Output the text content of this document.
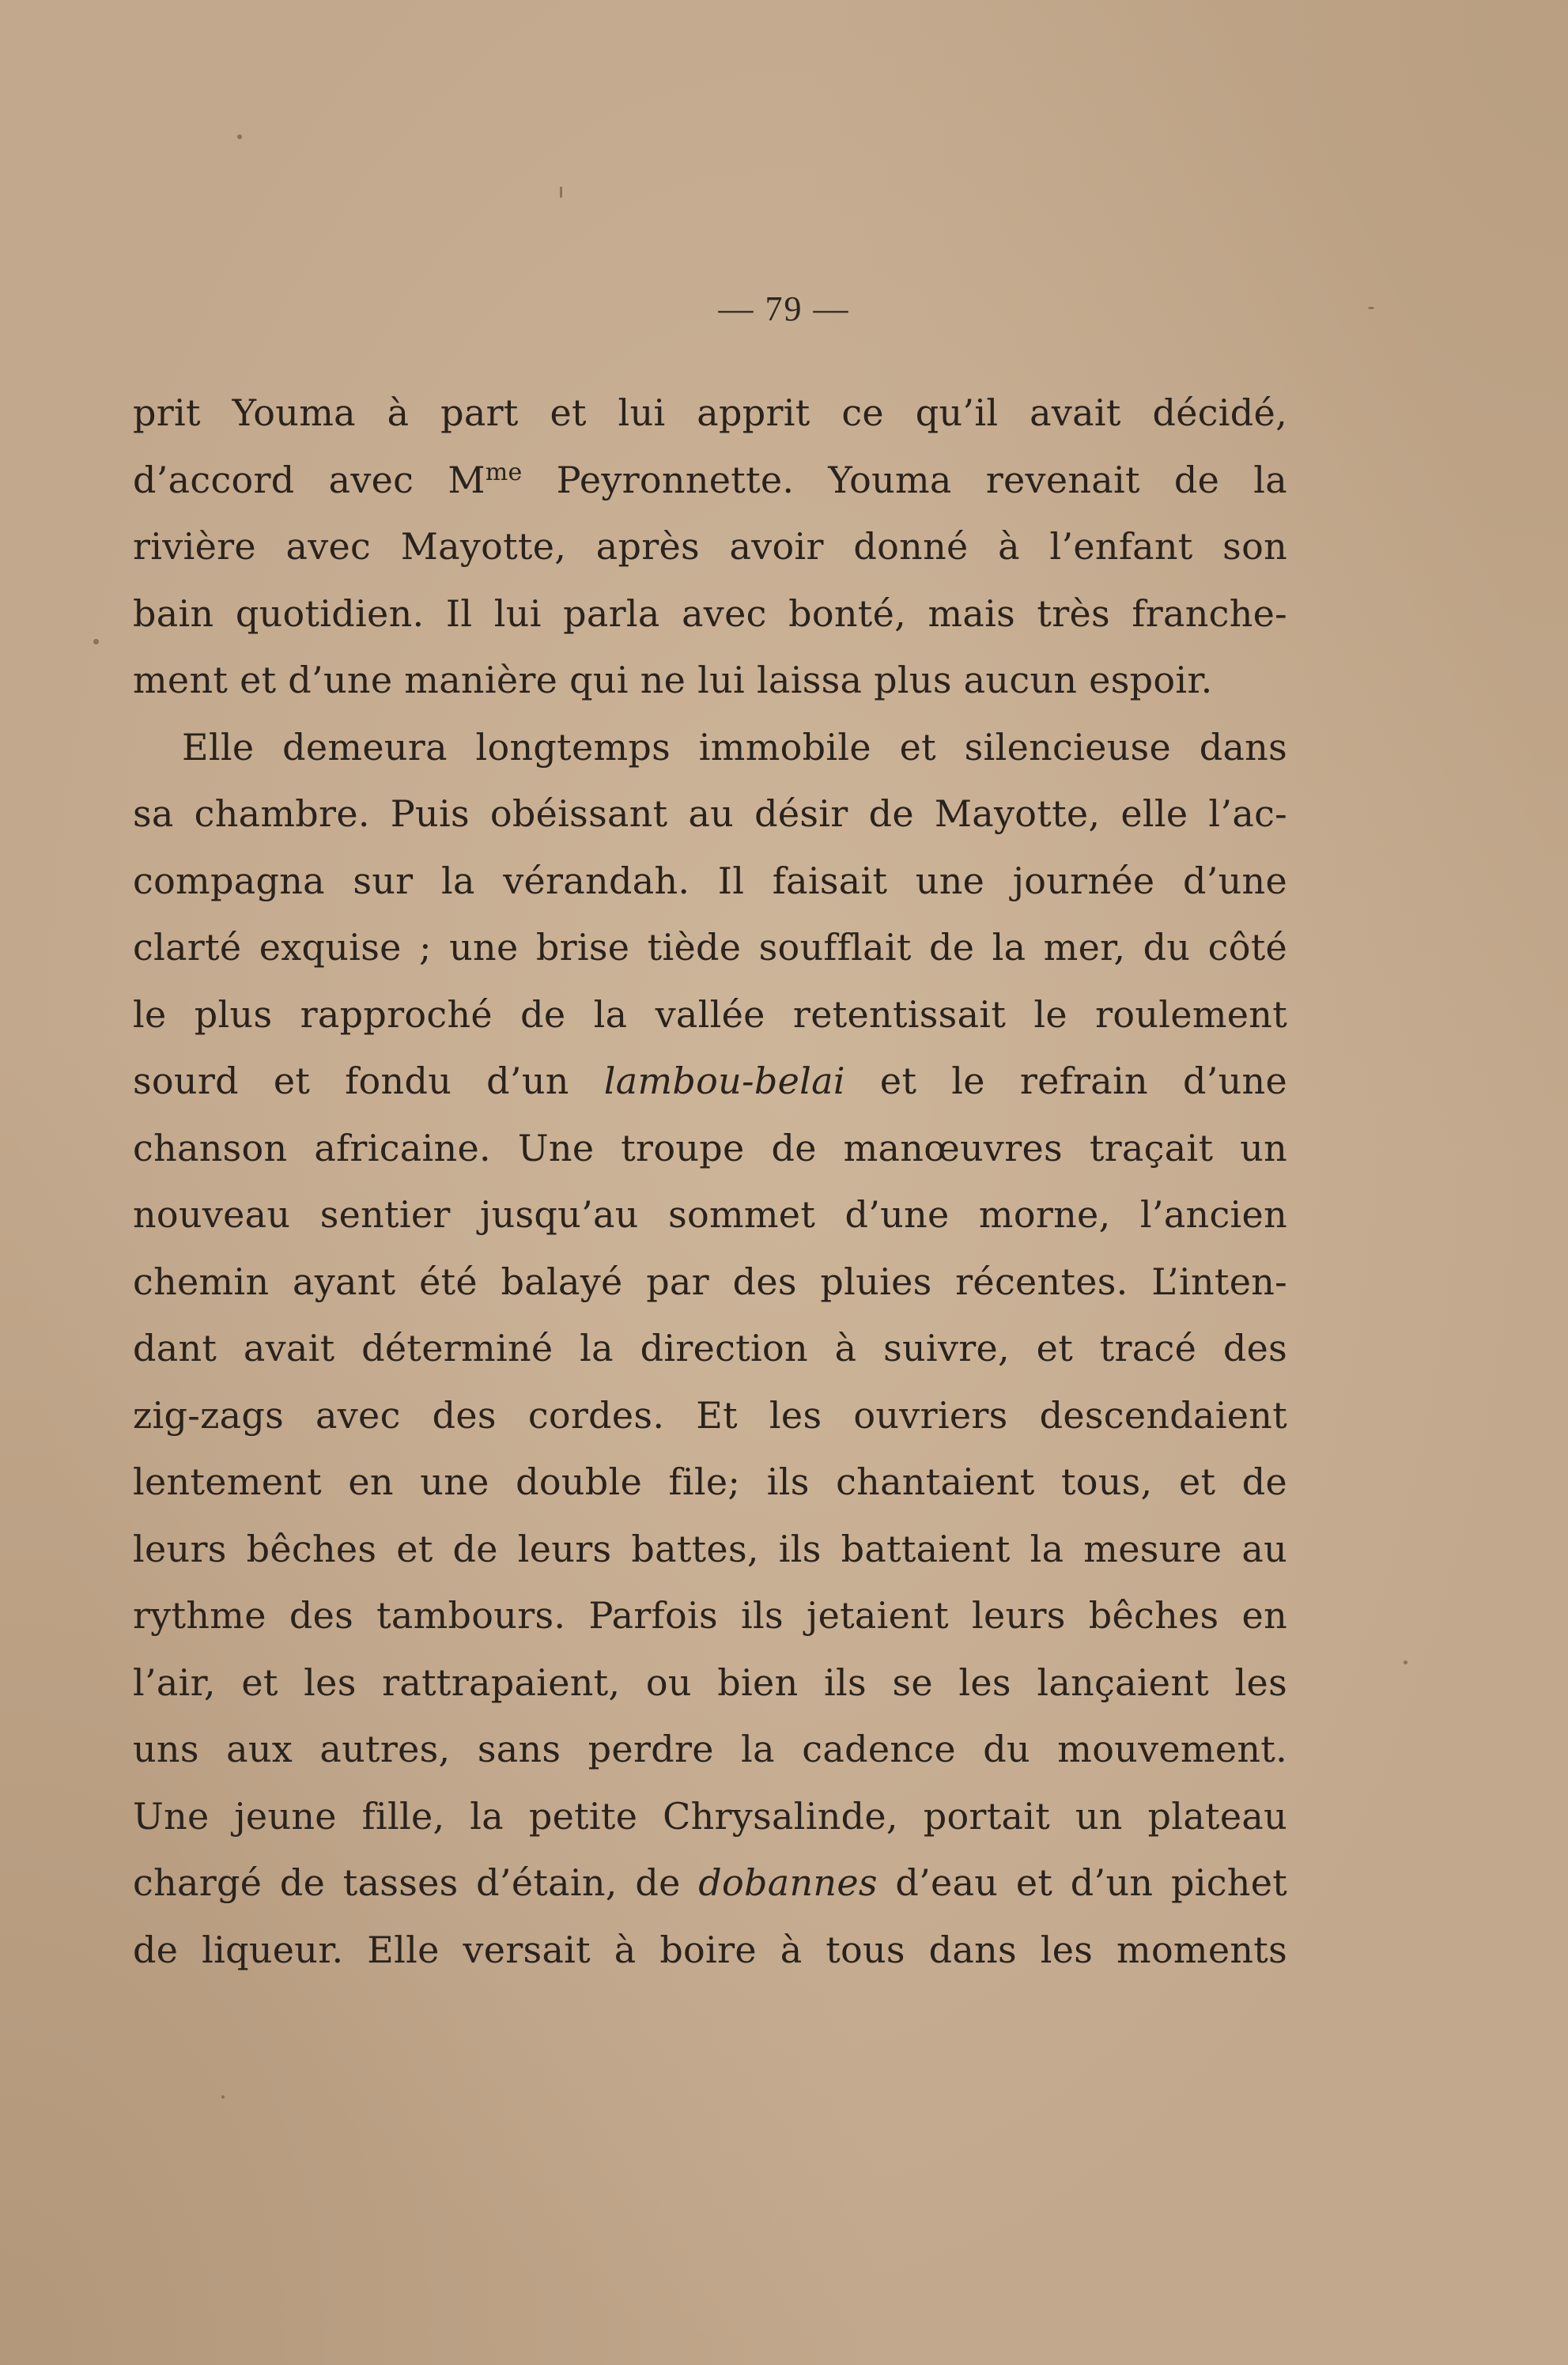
— 79 —
prit Youma à part et lui apprit ce qu’il avait décidé,
d’accord avec $M^{me}$ Peyronnette. Youma revenait de la
rivière avec Mayotte, après avoir donné à l’enfant son
bain quotidien. Il lui parla avec bonté, mais très franche-
ment et d’une manière qui ne lui laissa plus aucun espoir.
Elle demeura longtemps immobile et silencieuse dans
sa chambre. Puis obéissant au désir de Mayotte, elle l’ac-
compagna sur la vérandah. Il faisait une journée d’une
clarté exquise ; une brise tiède soufflait de la mer, du côté
le plus rapproché de la vallée retentissait le roulement
sourd et fondu d’un lambou-belai et le refrain d’une
chanson africaine. Une troupe de manœuvres traçait un
nouveau sentier jusqu’au sommet d’une morne, l’ancien
chemin ayant été balayé par des pluies récentes. L’inten-
dant avait déterminé la direction à suivre, et tracé des
zig-zags avec des cordes. Et les ouvriers descendaient
lentement en une double file; ils chantaient tous, et de
leurs bêches et de leurs battes, ils battaient la mesure au
rythme des tambours. Parfois ils jetaient leurs bêches en
l’air, et les rattrapaient, ou bien ils se les lançaient les
uns aux autres, sans perdre la cadence du mouvement.
Une jeune fille, la petite Chrysalinde, portait un plateau
chargé de tasses d’étain, de dobannes d’eau et d’un pichet
de liqueur. Elle versait à boire à tous dans les moments
